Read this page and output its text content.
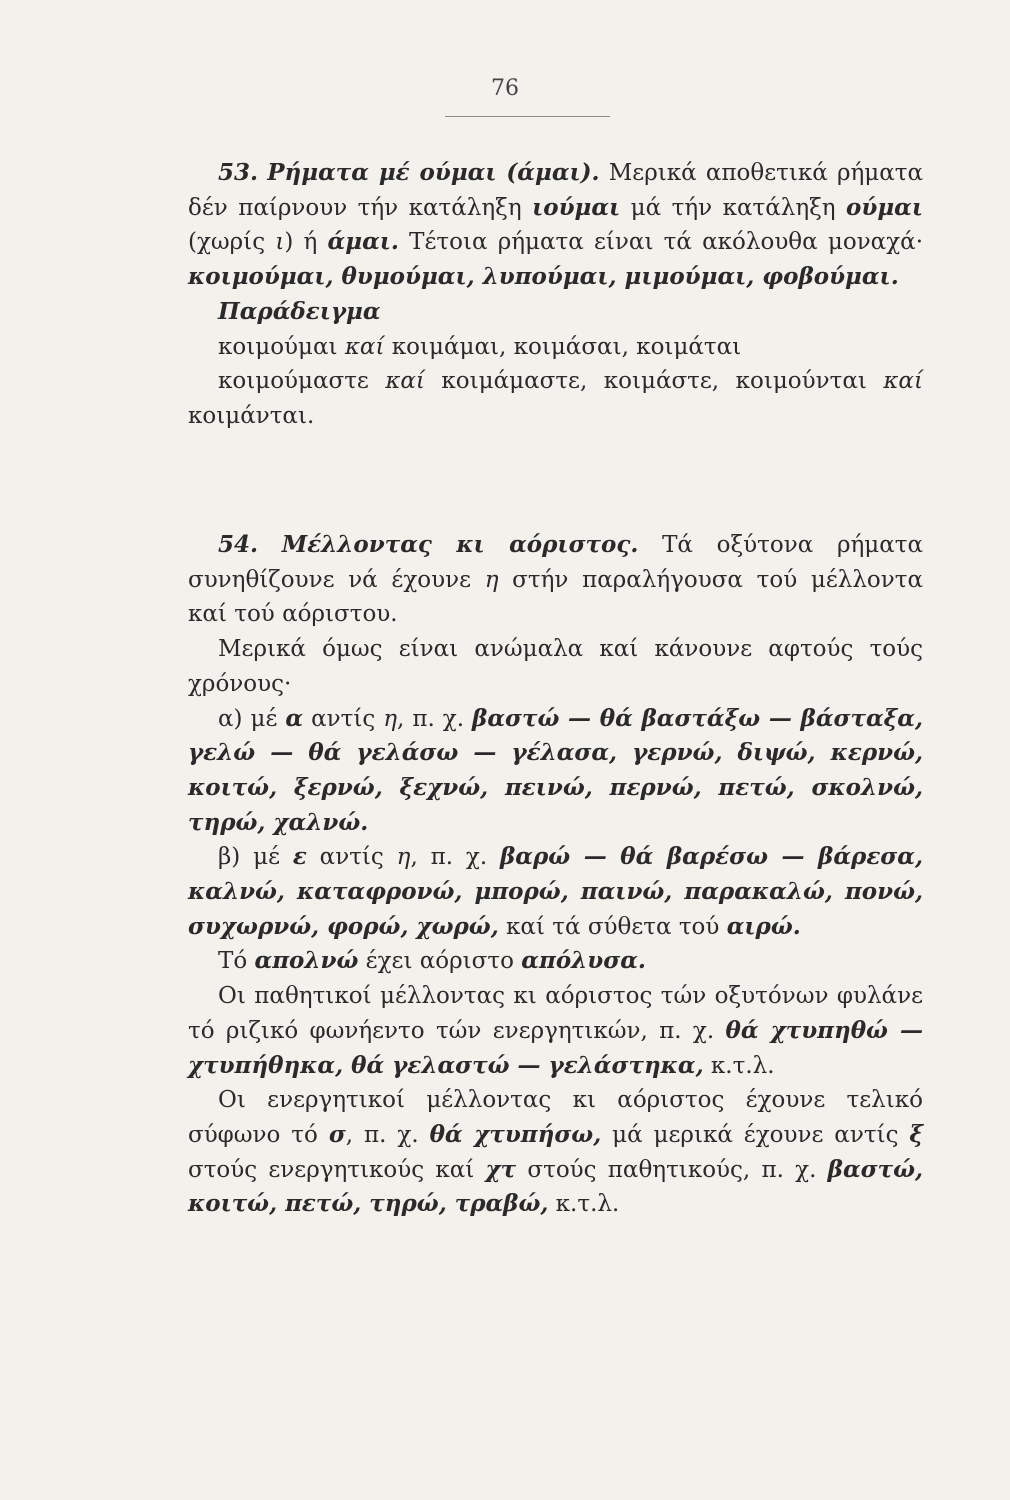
76

53. Ρήματα μέ ούμαι (άμαι). Μερικά αποθετικά ρήματα δέν παίρνουν τήν κατάληξη ιούμαι μά τήν κατάληξη ούμαι (χωρίς ι) ή άμαι. Τέτοια ρήματα είναι τά ακόλουθα μοναχά· κοιμούμαι, θυμούμαι, λυπούμαι, μιμούμαι, φοβούμαι.

Παράδειγμα

κοιμούμαι καί κοιμάμαι, κοιμάσαι, κοιμάται

κοιμούμαστε καί κοιμάμαστε, κοιμάστε, κοιμούνται καί κοιμάνται.

54. Μέλλοντας κι αόριστος. Τά οξύτονα ρήματα συνηθίζουνε νά έχουνε η στήν παραλήγουσα τού μέλλοντα καί τού αόριστου.

Μερικά όμως είναι ανώμαλα καί κάνουνε αφτούς τούς χρόνους·

α) μέ α αντίς η, π. χ. βαστώ — θά βαστάξω — βάσταξα, γελώ — θά γελάσω — γέλασα, γερνώ, διψώ, κερνώ, κοιτώ, ξερνώ, ξεχνώ, πεινώ, περνώ, πετώ, σκολνώ, τηρώ, χαλνώ.

β) μέ ε αντίς η, π. χ. βαρώ — θά βαρέσω — βάρεσα, καλνώ, καταφρονώ, μπορώ, παινώ, παρακαλώ, πονώ, συχωρνώ, φορώ, χωρώ, καί τά σύθετα τού αιρώ.

Τό απολνώ έχει αόριστο απόλυσα.

Οι παθητικοί μέλλοντας κι αόριστος τών οξυτόνων φυλάνε τό ριζικό φωνήεντο τών ενεργητικών, π. χ. θά χτυπηθώ — χτυπήθηκα, θά γελαστώ — γελάστηκα, κ.τ.λ.

Οι ενεργητικοί μέλλοντας κι αόριστος έχουνε τελικό σύφωνο τό σ, π. χ. θά χτυπήσω, μά μερικά έχουνε αντίς ξ στούς ενεργητικούς καί χτ στούς παθητικούς, π. χ. βαστώ, κοιτώ, πετώ, τηρώ, τραβώ, κ.τ.λ.
